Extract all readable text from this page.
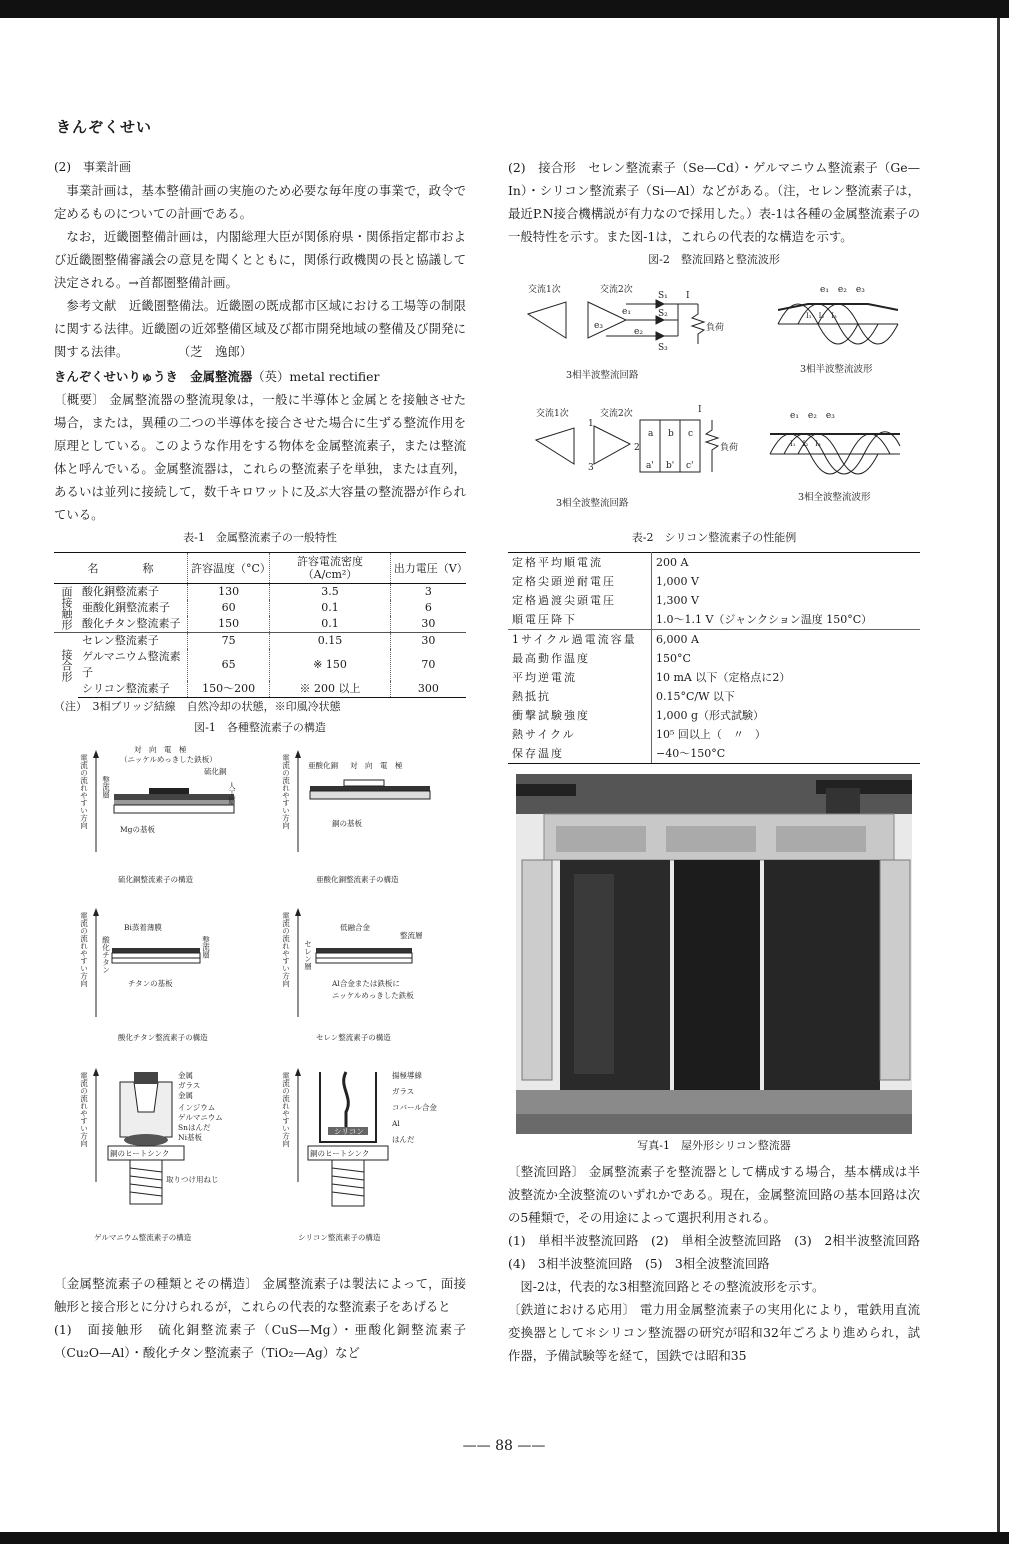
きんぞくせい

(2)　事業計画

事業計画は，基本整備計画の実施のため必要な毎年度の事業で，政令で定めるものについての計画である。

なお，近畿圏整備計画は，内閣総理大臣が関係府県・関係指定都市および近畿圏整備審議会の意見を聞くとともに，関係行政機関の長と協議して決定される。→首都圏整備計画。

参考文献　近畿圏整備法。近畿圏の既成都市区域における工場等の制限に関する法律。近畿圏の近郊整備区域及び都市開発地域の整備及び開発に関する法律。　　　　　（芝　逸郎）

きんぞくせいりゅうき　金属整流器（英）metal rectifier

〔概要〕 金属整流器の整流現象は，一般に半導体と金属とを接触させた場合，または，異種の二つの半導体を接合させた場合に生ずる整流作用を原理としている。このような作用をする物体を金属整流素子，または整流体と呼んでいる。金属整流器は，これらの整流素子を単独，または直列，あるいは並列に接続して，数千キロワットに及ぶ大容量の整流器が作られている。

表-1　金属整流素子の一般特性
名　　　　称		許容温度（°C）	許容電流密度（A/cm²）	出力電圧（V）
面接触形	酸化銅整流素子	130	3.5	3
	亜酸化銅整流素子	60	0.1	6
	酸化チタン整流素子	150	0.1	30
接合形	セレン整流素子	75	0.15	30
	ゲルマニウム整流素子	65	※ 150	70
	シリコン整流素子	150～200	※ 200 以上	300
（注）　3相ブリッジ結線　自然冷却の状態，※印風冷状態
図-1　各種整流素子の構造
電流の流れやすい方向
対　向　電　極
（ニッケルめっきした鉄板）
硫化銅
人工層
整流層
Mgの基板
硫化銅整流素子の構造
電流の流れやすい方向 亜酸化銅 対　向　電　極
銅の基板
亜酸化銅整流素子の構造
電流の流れやすい方向	Bi蒸着薄膜
酸化チタン	整流層
チタンの基板
酸化チタン整流素子の構造
電流の流れやすい方向	低融合金
整流層
セレン層
Al合金または鉄板に
ニッケルめっきした鉄板
セレン整流素子の構造
電流の流れやすい方向	金属
ガラス
金属
インジウム
ゲルマニウム
Snはんだ
Ni基板
銅のヒートシンク
取りつけ用ねじ
ゲルマニウム整流素子の構造
電流の流れやすい方向	揚極導線
ガラス
コバール合金
Al
はんだ
シリコン
銅のヒートシンク
シリコン整流素子の構造

〔金属整流素子の種類とその構造〕 金属整流素子は製法によって，面接触形と接合形とに分けられるが，これらの代表的な整流素子をあげると

(1)　面接触形　硫化銅整流素子（CuS—Mg）・亜酸化銅整流素子（Cu₂O—Al）・酸化チタン整流素子（TiO₂—Ag）など

(2)　接合形　セレン整流素子（Se—Cd）・ゲルマニウム整流素子（Ge—In）・シリコン整流素子（Si—Al）などがある。（注，セレン整流素子は，最近P.N接合機構説が有力なので採用した。）表-1は各種の金属整流素子の一般特性を示す。また図-1は，これらの代表的な構造を示す。

図-2　整流回路と整流波形
交流1次	交流2次
e₁
e₂
e₃
S₁
S₂
S₃
I
負荷
3相半波整流回路
e₁　e₂　e₃
I₁　I₂　I₃
3相半波整流波形
交流1次	交流2次
1
2
3
a b c
a' b' c'
I
負荷
3相全波整流回路
e₁　e₂　e₃
I₁　I₂　I₃
3相全波整流波形
表-2　シリコン整流素子の性能例
定格平均順電流	200 A
定格尖頭逆耐電圧	1,000 V
定格過渡尖頭電圧	1,300 V
順電圧降下	1.0～1.1 V（ジャンクション温度 150°C）
1サイクル過電流容量	6,000 A
最高動作温度	150°C
平均逆電流	10 mA 以下（定格点に2）
熱抵抗	0.15°C/W 以下
衝撃試験強度	1,000 g（形式試験）
熱サイクル	10⁵ 回以上（　〃　）
保存温度	−40～150°C
写真-1　屋外形シリコン整流器

〔整流回路〕 金属整流素子を整流器として構成する場合，基本構成は半波整流か全波整流のいずれかである。現在，金属整流回路の基本回路は次の5種類で，その用途によって選択利用される。

(1)　単相半波整流回路　(2)　単相全波整流回路　(3)　2相半波整流回路　(4)　3相半波整流回路　(5)　3相全波整流回路

図-2は，代表的な3相整流回路とその整流波形を示す。

〔鉄道における応用〕 電力用金属整流素子の実用化により，電鉄用直流変換器として＊シリコン整流器の研究が昭和32年ごろより進められ，試作器，予備試験等を経て，国鉄では昭和35

—— 88 ——
